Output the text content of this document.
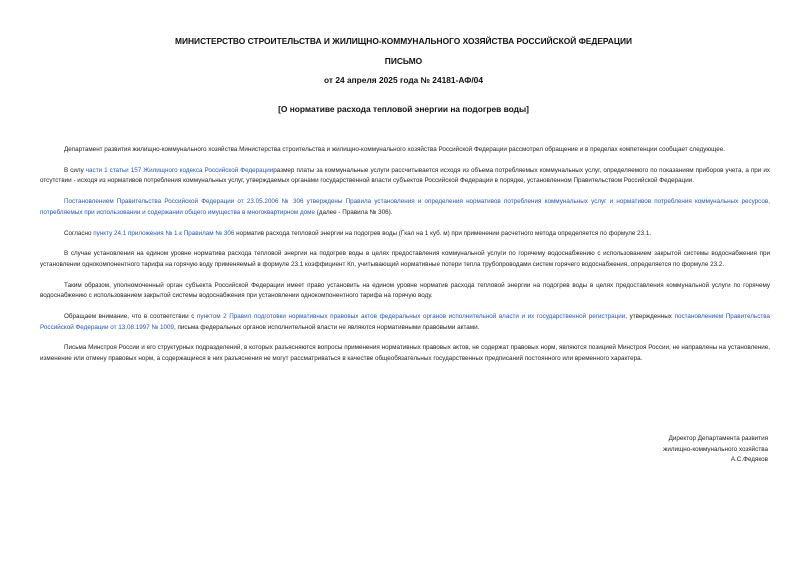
МИНИСТЕРСТВО СТРОИТЕЛЬСТВА И ЖИЛИЩНО-КОММУНАЛЬНОГО ХОЗЯЙСТВА РОССИЙСКОЙ ФЕДЕРАЦИИ
ПИСЬМО
от 24 апреля 2025 года № 24181-АФ/04
[О нормативе расхода тепловой энергии на подогрев воды]

Департамент развития жилищно-коммунального хозяйства Министерства строительства и жилищно-коммунального хозяйства Российской Федерации рассмотрел обращение и в пределах компетенции сообщает следующее.

В силу части 1 статьи 157 Жилищного кодекса Российской Федерацииразмер платы за коммунальные услуги рассчитывается исходя из объема потребляемых коммунальных услуг, определяемого по показаниям приборов учета, а при их отсутствии - исходя из нормативов потребления коммунальных услуг, утверждаемых органами государственной власти субъектов Российской Федерации в порядке, установленном Правительством Российской Федерации.

Постановлением Правительства Российской Федерации от 23.05.2006 № 306 утверждены Правила установления и определения нормативов потребления коммунальных услуг и нормативов потребления коммунальных ресурсов, потребляемых при использовании и содержании общего имущества в многоквартирном доме (далее - Правила № 306).

Согласно пункту 24.1 приложения № 1 к Правилам № 306 норматив расхода тепловой энергии на подогрев воды (Гкал на 1 куб. м) при применении расчетного метода определяется по формуле 23.1.

В случае установления на едином уровне норматива расхода тепловой энергии на подогрев воды в целях предоставления коммунальной услуги по горячему водоснабжению с использованием закрытой системы водоснабжения при установлении однокомпонентного тарифа на горячую воду применяемый в формуле 23.1 коэффициент Кп, учитывающий нормативные потери тепла трубопроводами систем горячего водоснабжения, определяется по формуле 23.2.

Таким образом, уполномоченный орган субъекта Российской Федерации имеет право установить на едином уровне норматив расхода тепловой энергии на подогрев воды в целях предоставления коммунальной услуги по горячему водоснабжению с использованием закрытой системы водоснабжения при установлении однокомпонентного тарифа на горячую воду.

Обращаем внимание, что в соответствии с пунктом 2 Правил подготовки нормативных правовых актов федеральных органов исполнительной власти и их государственной регистрации, утвержденных постановлением Правительства Российской Федерации от 13.08.1997 № 1009, письма федеральных органов исполнительной власти не являются нормативными правовыми актами.

Письма Минстроя России и его структурных подразделений, в которых разъясняются вопросы применения нормативных правовых актов, не содержат правовых норм, являются позицией Минстроя России, не направлены на установление, изменение или отмену правовых норм, а содержащиеся в них разъяснения не могут рассматриваться в качестве общеобязательных государственных предписаний постоянного или временного характера.

Директор Департамента развития
жилищно-коммунального хозяйства
А.С.Федяков
